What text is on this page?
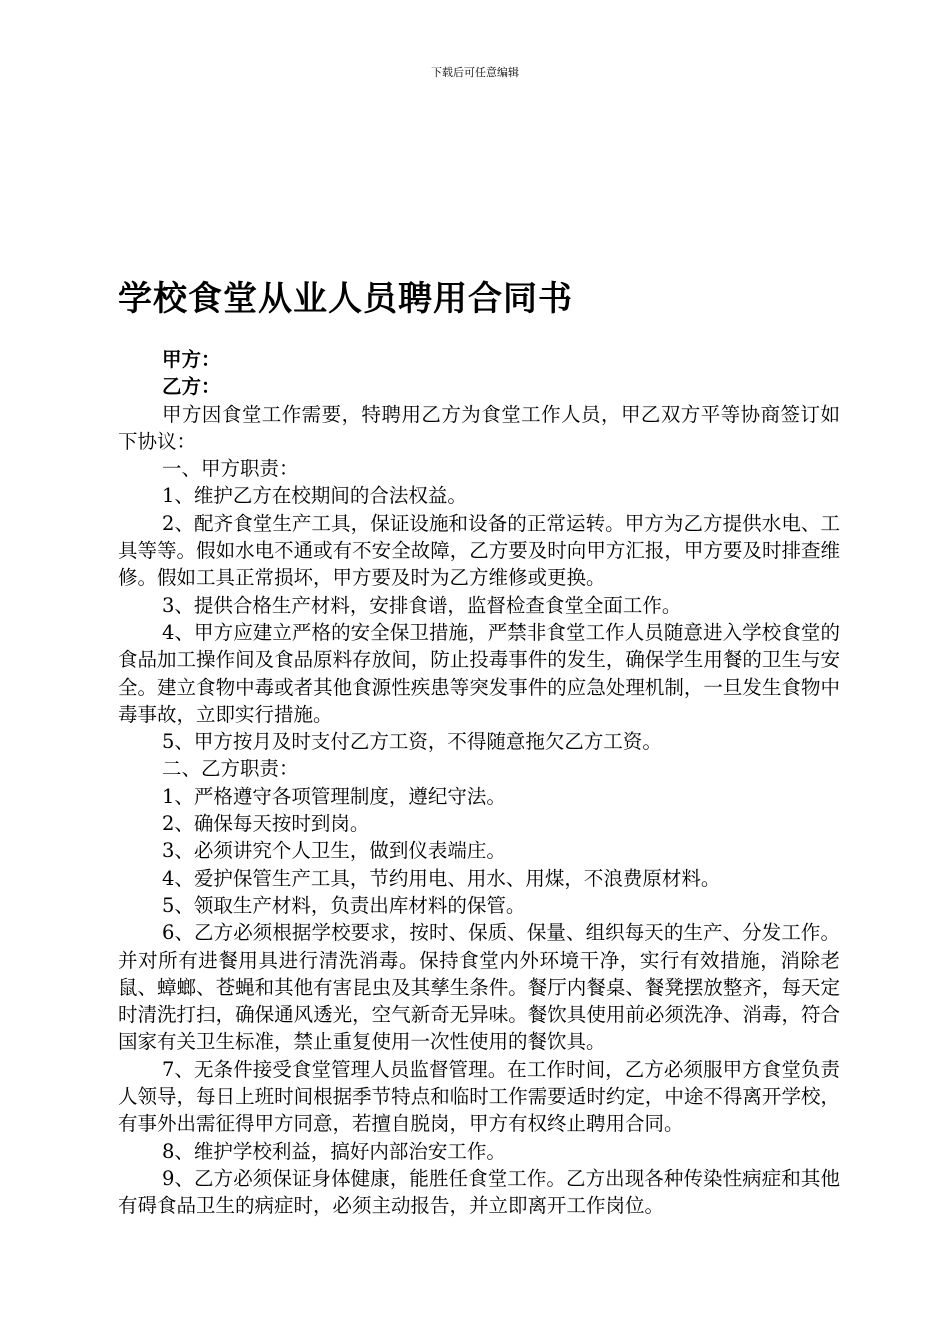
下载后可任意编辑
学校食堂从业人员聘用合同书

甲方：

乙方：

甲方因食堂工作需要，特聘用乙方为食堂工作人员，甲乙双方平等协商签订如下协议：

一、甲方职责：

1、维护乙方在校期间的合法权益。

2、配齐食堂生产工具，保证设施和设备的正常运转。甲方为乙方提供水电、工具等等。假如水电不通或有不安全故障，乙方要及时向甲方汇报，甲方要及时排查维修。假如工具正常损坏，甲方要及时为乙方维修或更换。

3、提供合格生产材料，安排食谱，监督检查食堂全面工作。

4、甲方应建立严格的安全保卫措施，严禁非食堂工作人员随意进入学校食堂的食品加工操作间及食品原料存放间，防止投毒事件的发生，确保学生用餐的卫生与安全。建立食物中毒或者其他食源性疾患等突发事件的应急处理机制，一旦发生食物中毒事故，立即实行措施。

5、甲方按月及时支付乙方工资，不得随意拖欠乙方工资。

二、乙方职责：

1、严格遵守各项管理制度，遵纪守法。

2、确保每天按时到岗。

3、必须讲究个人卫生，做到仪表端庄。

4、爱护保管生产工具，节约用电、用水、用煤，不浪费原材料。

5、领取生产材料，负责出库材料的保管。

6、乙方必须根据学校要求，按时、保质、保量、组织每天的生产、分发工作。并对所有进餐用具进行清洗消毒。保持食堂内外环境干净，实行有效措施，消除老鼠、蟑螂、苍蝇和其他有害昆虫及其孳生条件。餐厅内餐桌、餐凳摆放整齐，每天定时清洗打扫，确保通风透光，空气新奇无异味。餐饮具使用前必须洗净、消毒，符合国家有关卫生标准，禁止重复使用一次性使用的餐饮具。

7、无条件接受食堂管理人员监督管理。在工作时间，乙方必须服甲方食堂负责人领导，每日上班时间根据季节特点和临时工作需要适时约定，中途不得离开学校，有事外出需征得甲方同意，若擅自脱岗，甲方有权终止聘用合同。

8、维护学校利益，搞好内部治安工作。

9、乙方必须保证身体健康，能胜任食堂工作。乙方出现各种传染性病症和其他有碍食品卫生的病症时，必须主动报告，并立即离开工作岗位。
